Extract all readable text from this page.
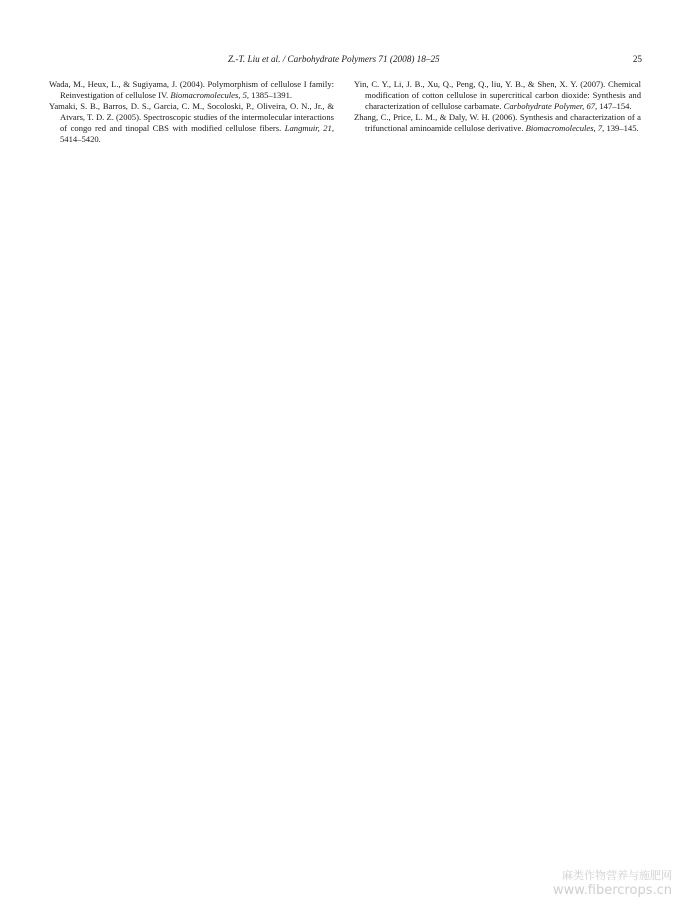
Z.-T. Liu et al. / Carbohydrate Polymers 71 (2008) 18–25	25

Wada, M., Heux, L., & Sugiyama, J. (2004). Polymorphism of cellulose I family: Reinvestigation of cellulose IV. Biomacromolecules, 5, 1385–1391.

Yamaki, S. B., Barros, D. S., Garcia, C. M., Socoloski, P., Oliveira, O. N., Jr., & Atvars, T. D. Z. (2005). Spectroscopic studies of the intermolecular interactions of congo red and tinopal CBS with modified cellulose fibers. Langmuir, 21, 5414–5420.

Yin, C. Y., Li, J. B., Xu, Q., Peng, Q., liu, Y. B., & Shen, X. Y. (2007). Chemical modification of cotton cellulose in supercritical carbon dioxide: Synthesis and characterization of cellulose carbamate. Carbohydrate Polymer, 67, 147–154.

Zhang, C., Price, L. M., & Daly, W. H. (2006). Synthesis and characterization of a trifunctional aminoamide cellulose derivative. Biomacromolecules, 7, 139–145.

麻类作物营养与施肥网
www.fibercrops.cn
